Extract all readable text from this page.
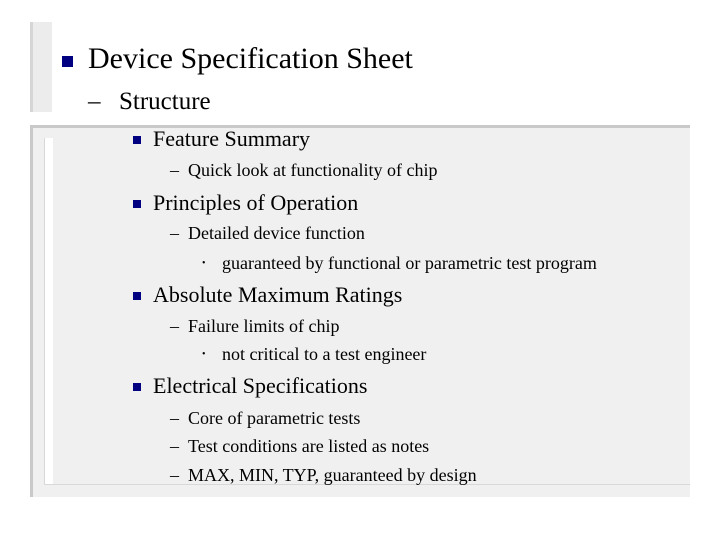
Device Specification Sheet
– Structure
Feature Summary
– Quick look at functionality of chip
Principles of Operation
– Detailed device function
• guaranteed by functional or parametric test program
Absolute Maximum Ratings
– Failure limits of chip
• not critical to a test engineer
Electrical Specifications
– Core of parametric tests
– Test conditions are listed as notes
– MAX, MIN, TYP, guaranteed by design
